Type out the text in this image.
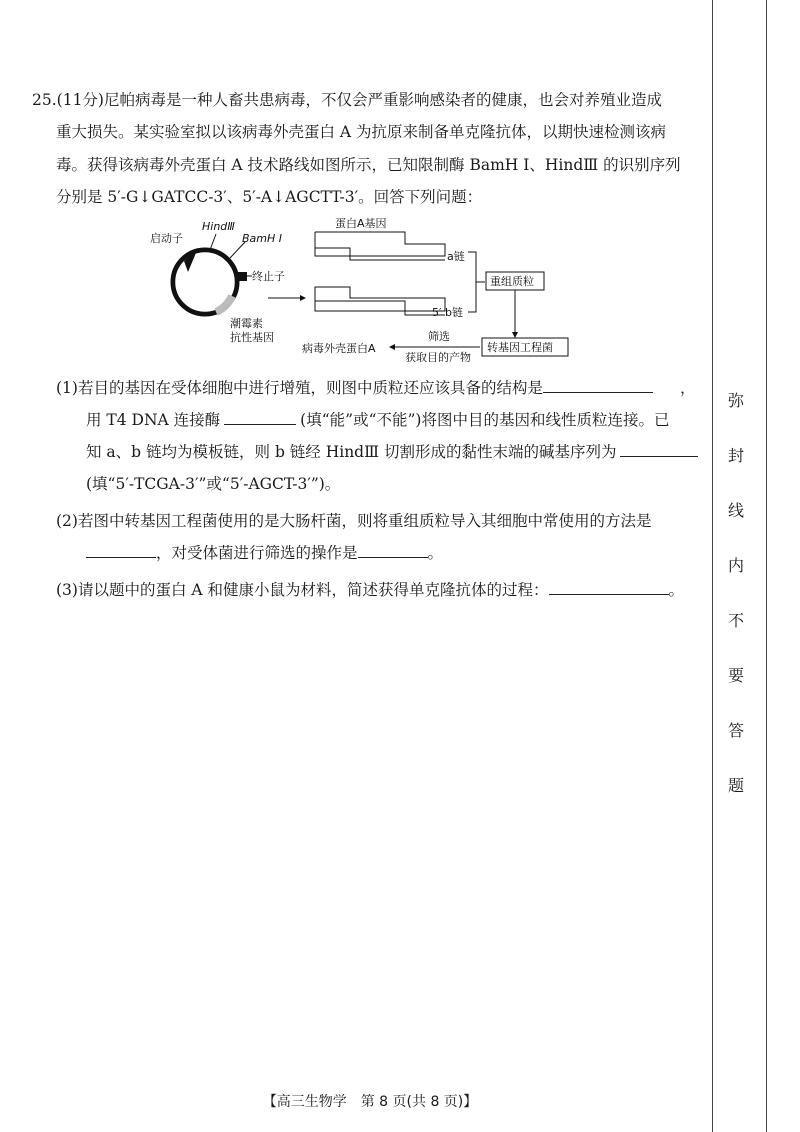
25.(11分)尼帕病毒是一种人畜共患病毒，不仅会严重影响感染者的健康，也会对养殖业造成
重大损失。某实验室拟以该病毒外壳蛋白 A 为抗原来制备单克隆抗体，以期快速检测该病
毒。获得该病毒外壳蛋白 A 技术路线如图所示，已知限制酶 BamH Ⅰ、HindⅢ 的识别序列
分别是 5′-G↓GATCC-3′、5′-A↓AGCTT-3′。回答下列问题：
启动子
HindⅢ
BamH Ⅰ
终止子
潮霉素
抗性基因
蛋白A基因
a链
5′ b链
重组质粒
转基因工程菌
筛选
获取目的产物
病毒外壳蛋白A
(1)若目的基因在受体细胞中进行增殖，则图中质粒还应该具备的结构是	，
用 T4 DNA 连接酶	(填“能”或“不能”)将图中目的基因和线性质粒连接。已
知 a、b 链均为模板链，则 b 链经 HindⅢ 切割形成的黏性末端的碱基序列为
(填“5′-TCGA-3′”或“5′-AGCT-3′”)。
(2)若图中转基因工程菌使用的是大肠杆菌，则将重组质粒导入其细胞中常使用的方法是
，对受体菌进行筛选的操作是	。
(3)请以题中的蛋白 A 和健康小鼠为材料，简述获得单克隆抗体的过程：	。
弥
封
线
内
不
要
答
题
【高三生物学　第 8 页(共 8 页)】
